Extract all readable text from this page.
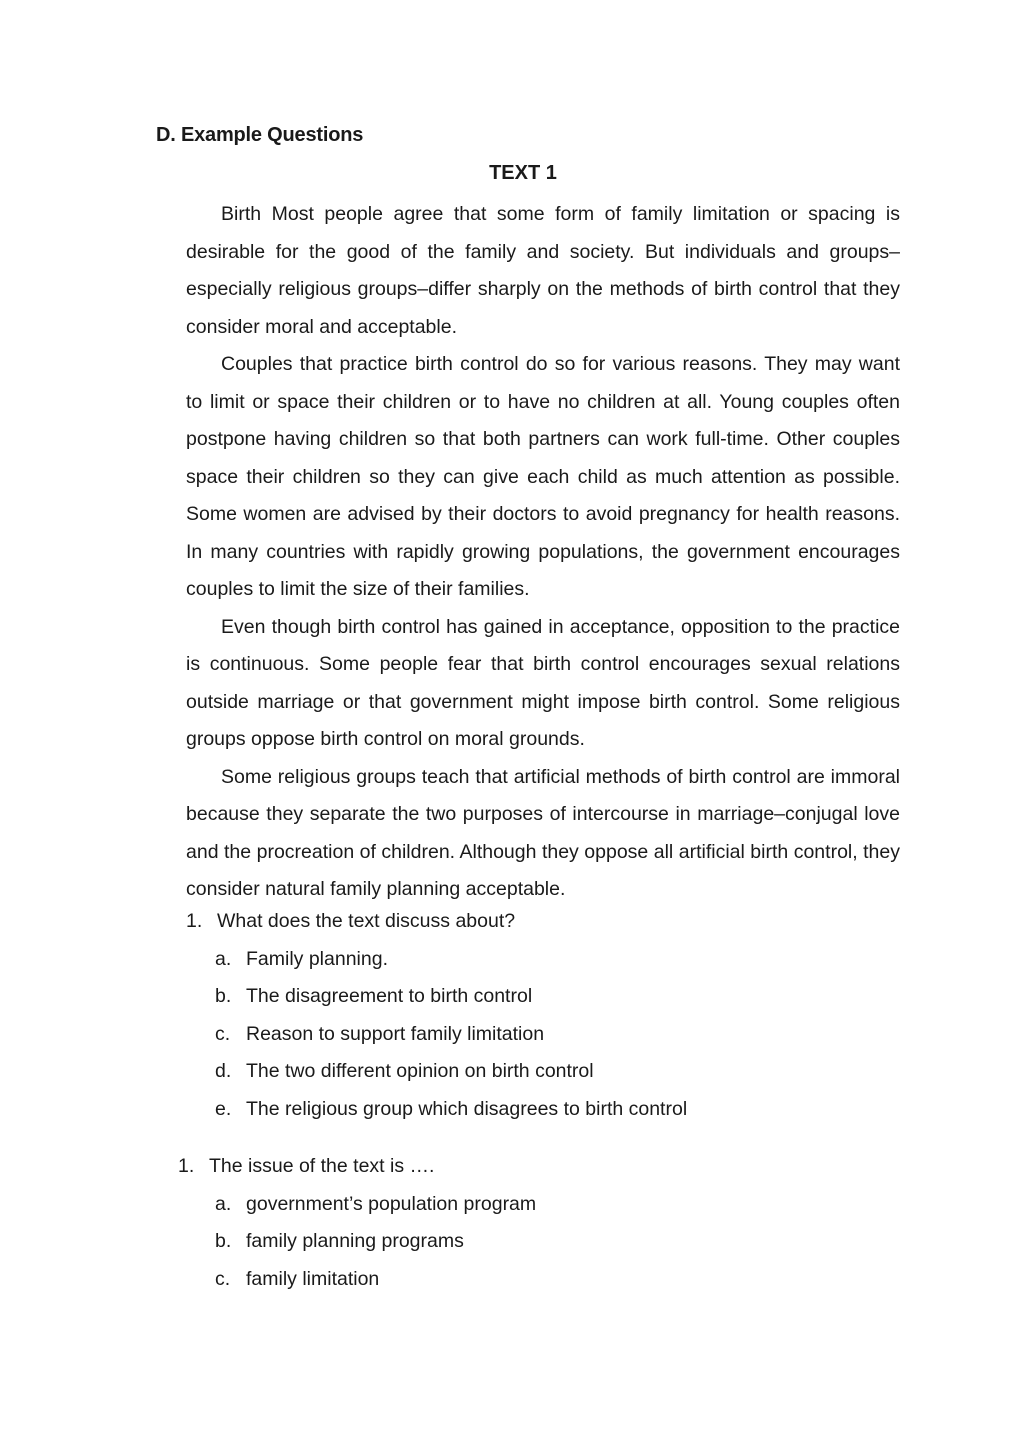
D. Example Questions
TEXT 1

Birth Most people agree that some form of family limitation or spacing is desirable for the good of the family and society. But individuals and groups–especially religious groups–differ sharply on the methods of birth control that they consider moral and acceptable.

Couples that practice birth control do so for various reasons. They may want to limit or space their children or to have no children at all. Young couples often postpone having children so that both partners can work full-time. Other couples space their children so they can give each child as much attention as possible. Some women are advised by their doctors to avoid pregnancy for health reasons. In many countries with rapidly growing populations, the government encourages couples to limit the size of their families.

Even though birth control has gained in acceptance, opposition to the practice is continuous. Some people fear that birth control encourages sexual relations outside marriage or that government might impose birth control. Some religious groups oppose birth control on moral grounds.

Some religious groups teach that artificial methods of birth control are immoral because they separate the two purposes of intercourse in marriage–conjugal love and the procreation of children. Although they oppose all artificial birth control, they consider natural family planning acceptable.

1. What does the text discuss about?
a. Family planning.
b. The disagreement to birth control
c. Reason to support family limitation
d. The two different opinion on birth control
e. The religious group which disagrees to birth control
1. The issue of the text is ….
a. government’s population program
b. family planning programs
c. family limitation
